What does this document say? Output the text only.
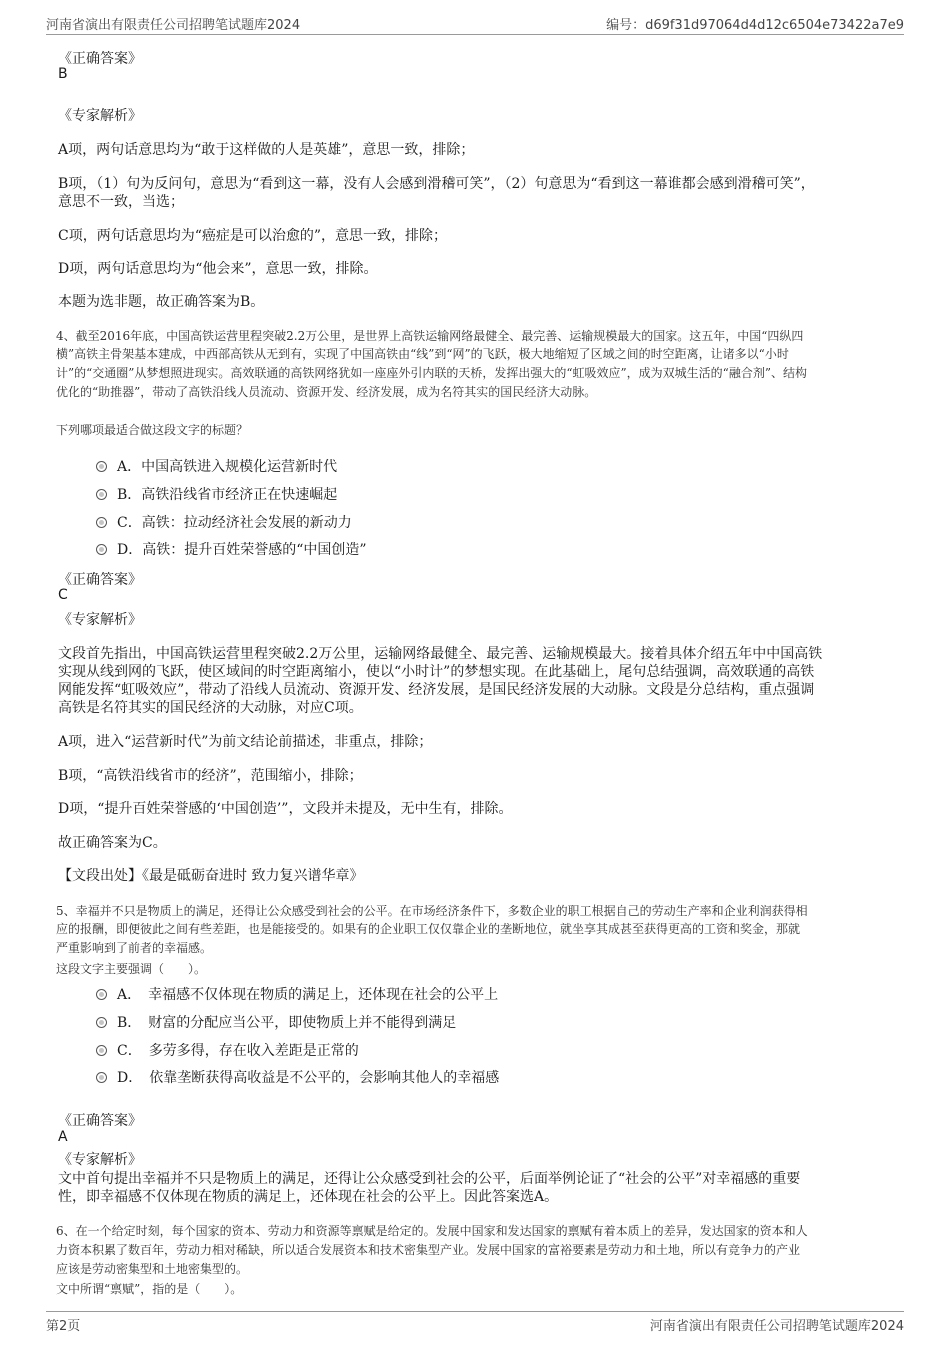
河南省演出有限责任公司招聘笔试题库2024	编号：d69f31d97064d4d12c6504e73422a7e9
《正确答案》
B
《专家解析》
A项，两句话意思均为“敢于这样做的人是英雄”，意思一致，排除；
B项，（1）句为反问句，意思为“看到这一幕，没有人会感到滑稽可笑”，（2）句意思为“看到这一幕谁都会感到滑稽可笑”，
意思不一致，当选；
C项，两句话意思均为“癌症是可以治愈的”，意思一致，排除；
D项，两句话意思均为“他会来”，意思一致，排除。
本题为选非题，故正确答案为B。
4、截至2016年底，中国高铁运营里程突破2.2万公里，是世界上高铁运输网络最健全、最完善、运输规模最大的国家。这五年，中国“四纵四
横”高铁主骨架基本建成，中西部高铁从无到有，实现了中国高铁由“线”到“网”的飞跃，极大地缩短了区域之间的时空距离，让诸多以“小时
计”的“交通圈”从梦想照进现实。高效联通的高铁网络犹如一座座外引内联的天桥，发挥出强大的“虹吸效应”，成为双城生活的“融合剂”、结构
优化的“助推器”，带动了高铁沿线人员流动、资源开发、经济发展，成为名符其实的国民经济大动脉。
下列哪项最适合做这段文字的标题？
A．中国高铁进入规模化运营新时代
B．高铁沿线省市经济正在快速崛起
C．高铁：拉动经济社会发展的新动力
D．高铁：提升百姓荣誉感的“中国创造”
《正确答案》
C
《专家解析》
文段首先指出，中国高铁运营里程突破2.2万公里，运输网络最健全、最完善、运输规模最大。接着具体介绍五年中中国高铁
实现从线到网的飞跃，使区域间的时空距离缩小，使以“小时计”的梦想实现。在此基础上，尾句总结强调，高效联通的高铁
网能发挥“虹吸效应”，带动了沿线人员流动、资源开发、经济发展，是国民经济发展的大动脉。文段是分总结构，重点强调
高铁是名符其实的国民经济的大动脉，对应C项。
A项，进入“运营新时代”为前文结论前描述，非重点，排除；
B项，“高铁沿线省市的经济”，范围缩小，排除；
D项，“提升百姓荣誉感的‘中国创造’”，文段并未提及，无中生有，排除。
故正确答案为C。
【文段出处】《最是砥砺奋进时 致力复兴谱华章》
5、幸福并不只是物质上的满足，还得让公众感受到社会的公平。在市场经济条件下，多数企业的职工根据自己的劳动生产率和企业利润获得相
应的报酬，即便彼此之间有些差距，也是能接受的。如果有的企业职工仅仅靠企业的垄断地位，就坐享其成甚至获得更高的工资和奖金，那就
严重影响到了前者的幸福感。
这段文字主要强调（　　）。
A．　幸福感不仅体现在物质的满足上，还体现在社会的公平上
B．　财富的分配应当公平，即使物质上并不能得到满足
C．　多劳多得，存在收入差距是正常的
D．　依靠垄断获得高收益是不公平的，会影响其他人的幸福感
《正确答案》
A
《专家解析》
文中首句提出幸福并不只是物质上的满足，还得让公众感受到社会的公平，后面举例论证了“社会的公平”对幸福感的重要
性，即幸福感不仅体现在物质的满足上，还体现在社会的公平上。因此答案选A。
6、在一个给定时刻，每个国家的资本、劳动力和资源等禀赋是给定的。发展中国家和发达国家的禀赋有着本质上的差异，发达国家的资本和人
力资本积累了数百年，劳动力相对稀缺，所以适合发展资本和技术密集型产业。发展中国家的富裕要素是劳动力和土地，所以有竞争力的产业
应该是劳动密集型和土地密集型的。
文中所谓“禀赋”，指的是（　　）。
第2页	河南省演出有限责任公司招聘笔试题库2024
